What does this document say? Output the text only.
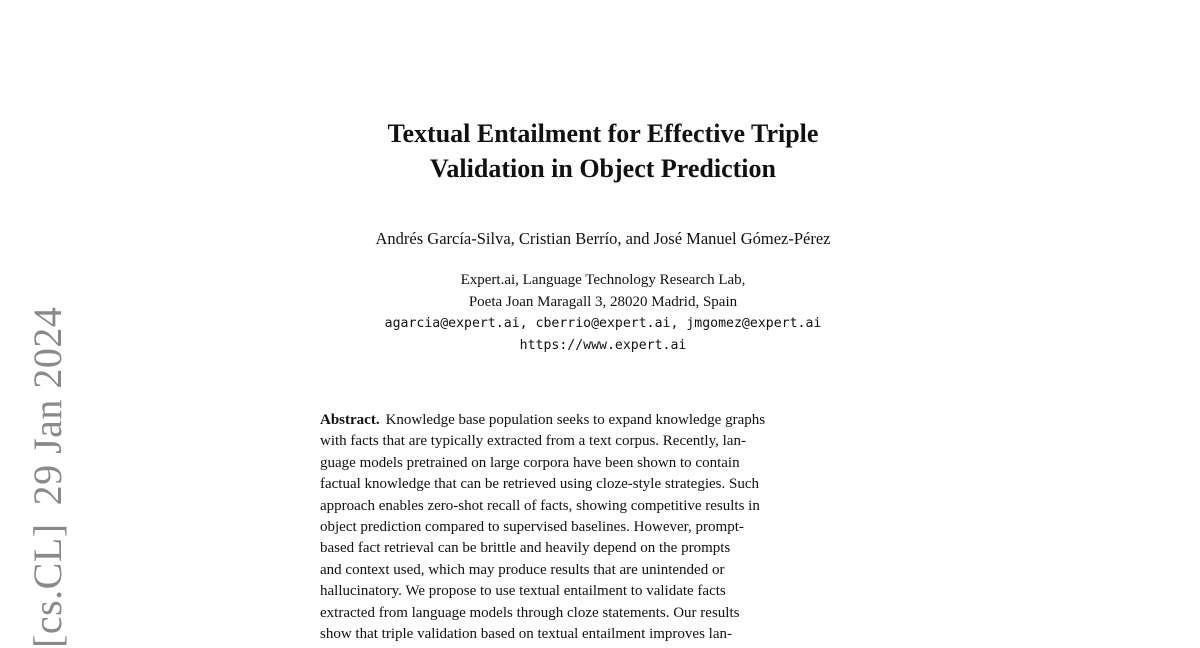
[cs.CL]29 Jan 2024
Textual Entailment for Effective Triple
Validation in Object Prediction
Andrés García-Silva, Cristian Berrío, and José Manuel Gómez-Pérez
Expert.ai, Language Technology Research Lab,
Poeta Joan Maragall 3, 28020 Madrid, Spain
agarcia@expert.ai, cberrio@expert.ai, jmgomez@expert.ai
https://www.expert.ai
Abstract. Knowledge base population seeks to expand knowledge graphs
with facts that are typically extracted from a text corpus. Recently, lan-
guage models pretrained on large corpora have been shown to contain
factual knowledge that can be retrieved using cloze-style strategies. Such
approach enables zero-shot recall of facts, showing competitive results in
object prediction compared to supervised baselines. However, prompt-
based fact retrieval can be brittle and heavily depend on the prompts
and context used, which may produce results that are unintended or
hallucinatory. We propose to use textual entailment to validate facts
extracted from language models through cloze statements. Our results
show that triple validation based on textual entailment improves lan-
